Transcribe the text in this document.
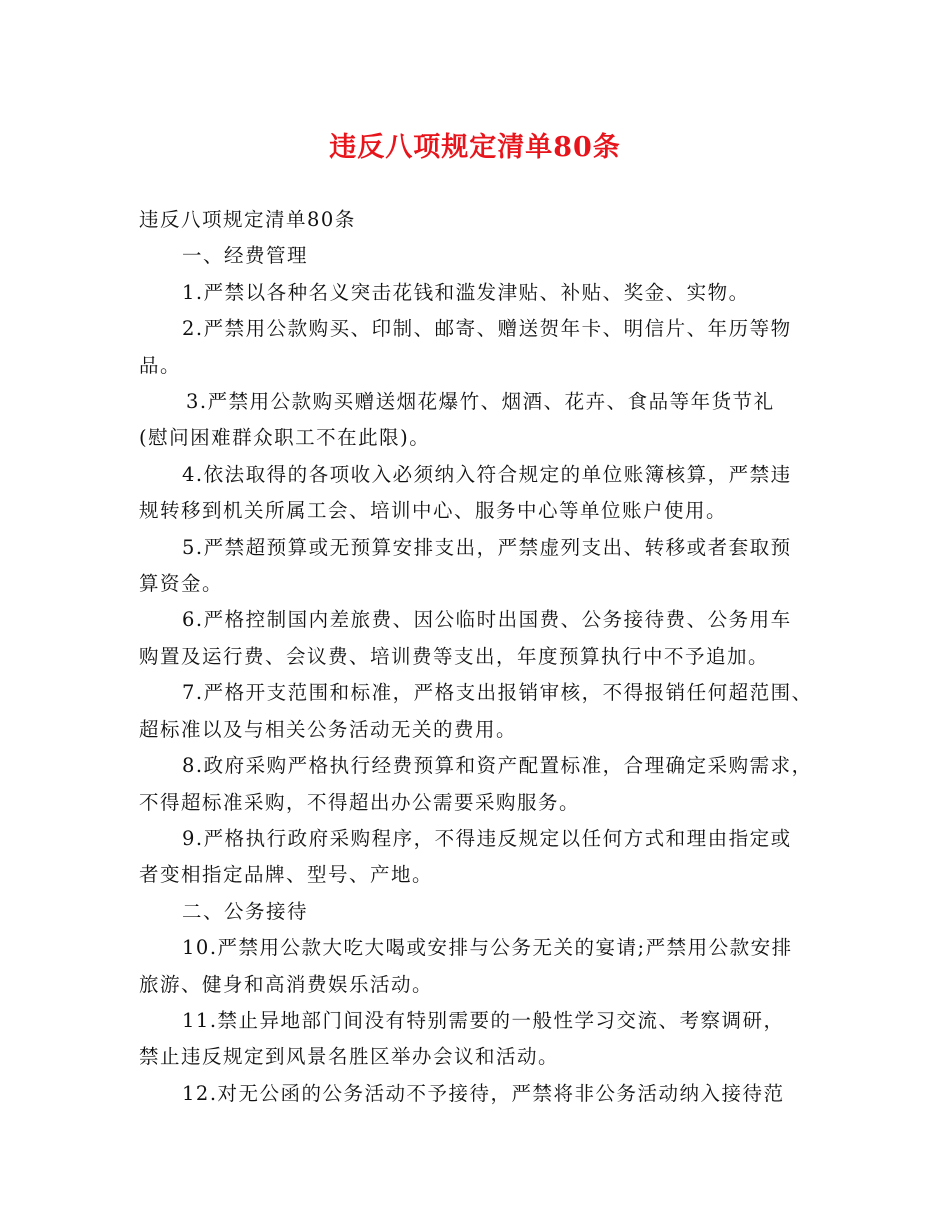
违反八项规定清单80条

违反八项规定清单80条

一、经费管理

1.严禁以各种名义突击花钱和滥发津贴、补贴、奖金、实物。

2.严禁用公款购买、印制、邮寄、赠送贺年卡、明信片、年历等物

品。

3.严禁用公款购买赠送烟花爆竹、烟酒、花卉、食品等年货节礼

(慰问困难群众职工不在此限)。

4.依法取得的各项收入必须纳入符合规定的单位账簿核算，严禁违

规转移到机关所属工会、培训中心、服务中心等单位账户使用。

5.严禁超预算或无预算安排支出，严禁虚列支出、转移或者套取预

算资金。

6.严格控制国内差旅费、因公临时出国费、公务接待费、公务用车

购置及运行费、会议费、培训费等支出，年度预算执行中不予追加。

7.严格开支范围和标准，严格支出报销审核，不得报销任何超范围、

超标准以及与相关公务活动无关的费用。

8.政府采购严格执行经费预算和资产配置标准，合理确定采购需求，

不得超标准采购，不得超出办公需要采购服务。

9.严格执行政府采购程序，不得违反规定以任何方式和理由指定或

者变相指定品牌、型号、产地。

二、公务接待

10.严禁用公款大吃大喝或安排与公务无关的宴请;严禁用公款安排

旅游、健身和高消费娱乐活动。

11.禁止异地部门间没有特别需要的一般性学习交流、考察调研，

禁止违反规定到风景名胜区举办会议和活动。

12.对无公函的公务活动不予接待，严禁将非公务活动纳入接待范
